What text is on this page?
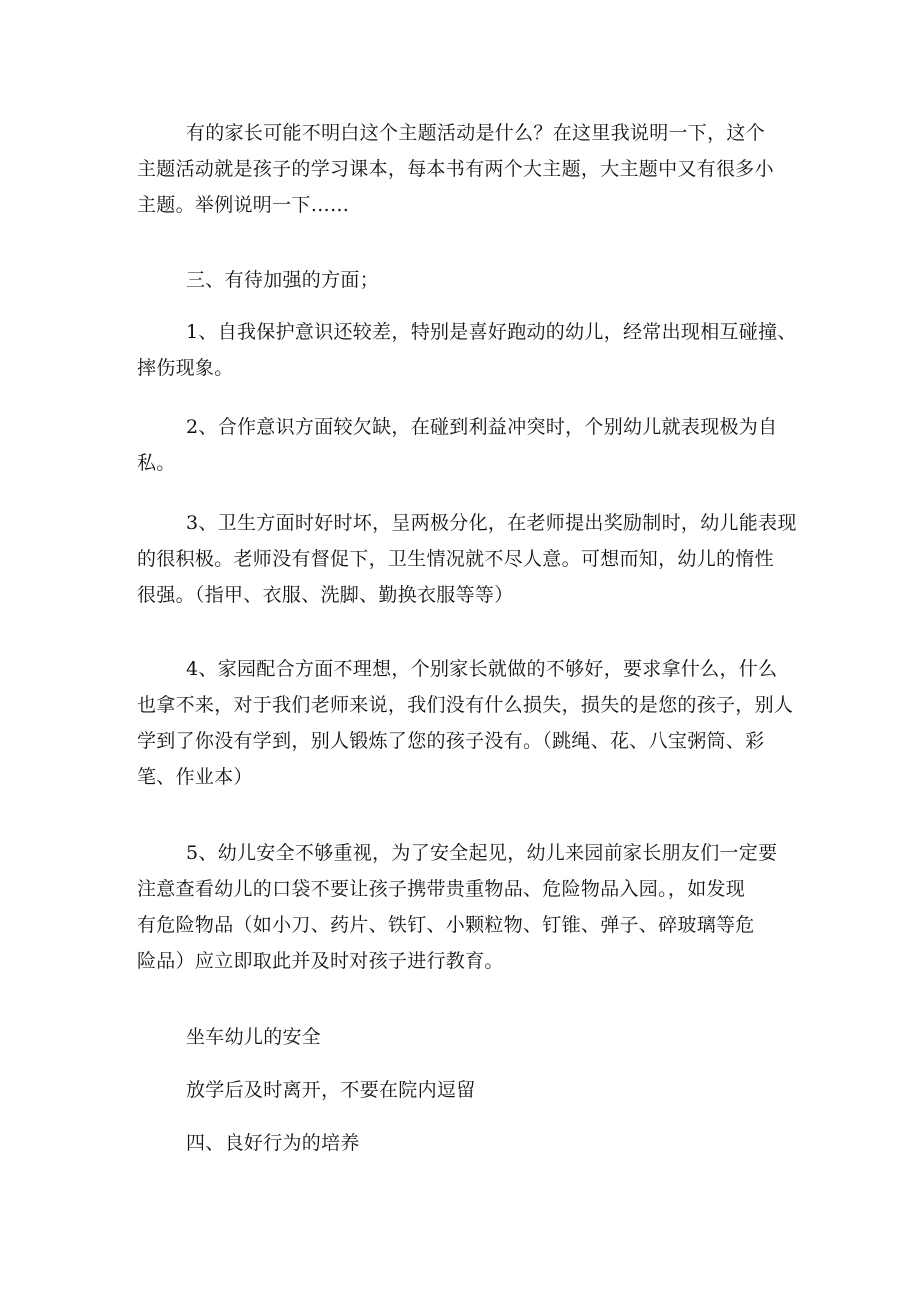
有的家长可能不明白这个主题活动是什么？在这里我说明一下，这个
主题活动就是孩子的学习课本，每本书有两个大主题，大主题中又有很多小
主题。举例说明一下……
三、有待加强的方面；
1、自我保护意识还较差，特别是喜好跑动的幼儿，经常出现相互碰撞、
摔伤现象。
2、合作意识方面较欠缺，在碰到利益冲突时，个别幼儿就表现极为自
私。
3、卫生方面时好时坏，呈两极分化，在老师提出奖励制时，幼儿能表现
的很积极。老师没有督促下，卫生情况就不尽人意。可想而知，幼儿的惰性
很强。（指甲、衣服、洗脚、勤换衣服等等）
4、家园配合方面不理想，个别家长就做的不够好，要求拿什么，什么
也拿不来，对于我们老师来说，我们没有什么损失，损失的是您的孩子，别人
学到了你没有学到，别人锻炼了您的孩子没有。（跳绳、花、八宝粥筒、彩
笔、作业本）
5、幼儿安全不够重视，为了安全起见，幼儿来园前家长朋友们一定要
注意查看幼儿的口袋不要让孩子携带贵重物品、危险物品入园。，如发现
有危险物品（如小刀、药片、铁钉、小颗粒物、钉锥、弹子、碎玻璃等危
险品）应立即取此并及时对孩子进行教育。
坐车幼儿的安全
放学后及时离开，不要在院内逗留
四、良好行为的培养
